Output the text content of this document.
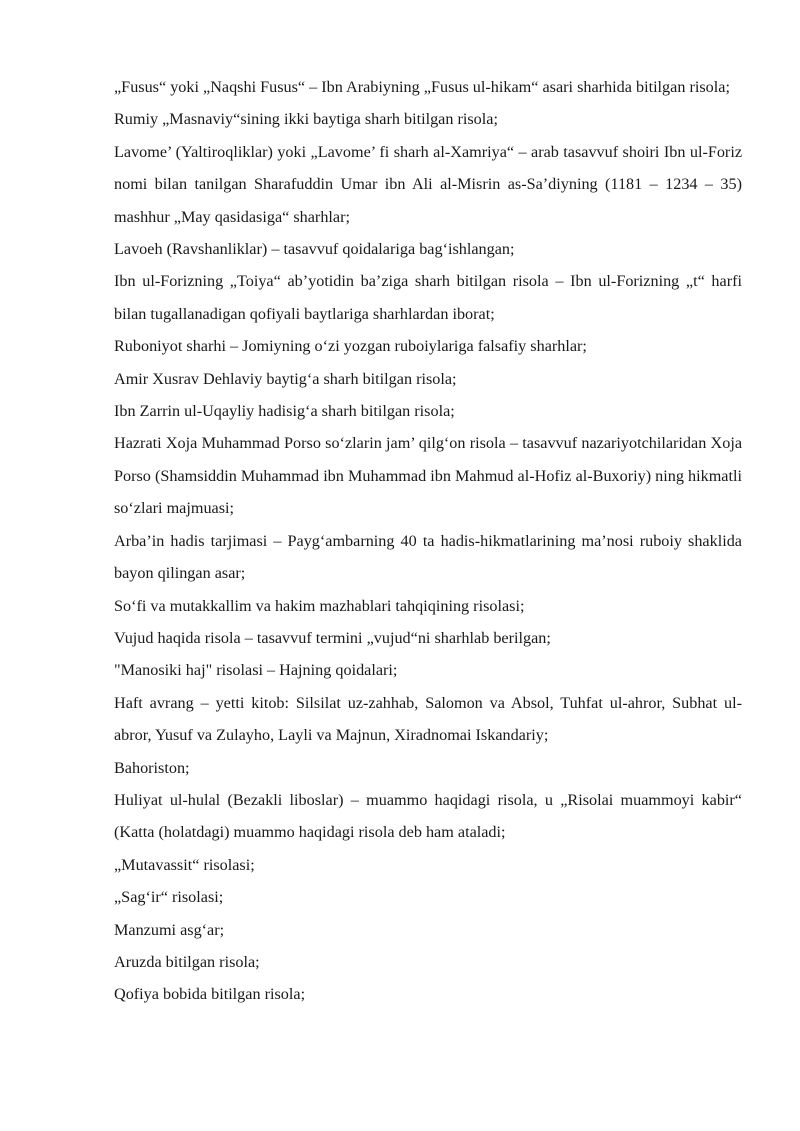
„Fusus“ yoki „Naqshi Fusus“ – Ibn Arabiyning „Fusus ul-hikam“ asari sharhida bitilgan risola;

Rumiy „Masnaviy“sining ikki baytiga sharh bitilgan risola;

Lavome’ (Yaltiroqliklar) yoki „Lavome’ fi sharh al-Xamriya“ – arab tasavvuf shoiri Ibn ul-Foriz nomi bilan tanilgan Sharafuddin Umar ibn Ali al-Misrin as-Sa’diyning (1181 – 1234 – 35) mashhur „May qasidasiga“ sharhlar;

Lavoeh (Ravshanliklar) – tasavvuf qoidalariga bag‘ishlangan;

Ibn ul-Forizning „Toiya“ ab’yotidin ba’ziga sharh bitilgan risola – Ibn ul-Forizning „t“ harfi bilan tugallanadigan qofiyali baytlariga sharhlardan iborat;

Ruboniyot sharhi – Jomiyning o‘zi yozgan ruboiylariga falsafiy sharhlar;

Amir Xusrav Dehlaviy baytig‘a sharh bitilgan risola;

Ibn Zarrin ul-Uqayliy hadisig‘a sharh bitilgan risola;

Hazrati Xoja Muhammad Porso so‘zlarin jam’ qilg‘on risola – tasavvuf nazariyotchilaridan Xoja Porso (Shamsiddin Muhammad ibn Muhammad ibn Mahmud al-Hofiz al-Buxoriy) ning hikmatli so‘zlari majmuasi;

Arba’in hadis tarjimasi – Payg‘ambarning 40 ta hadis-hikmatlarining ma’nosi ruboiy shaklida bayon qilingan asar;

So‘fi va mutakkallim va hakim mazhablari tahqiqining risolasi;

Vujud haqida risola – tasavvuf termini „vujud“ni sharhlab berilgan;

"Manosiki haj" risolasi – Hajning qoidalari;

Haft avrang – yetti kitob: Silsilat uz-zahhab, Salomon va Absol, Tuhfat ul-ahror, Subhat ul-abror, Yusuf va Zulayho, Layli va Majnun, Xiradnomai Iskandariy;

Bahoriston;

Huliyat ul-hulal (Bezakli liboslar) – muammo haqidagi risola, u „Risolai muammoyi kabir“ (Katta (holatdagi) muammo haqidagi risola deb ham ataladi;

„Mutavassit“ risolasi;

„Sag‘ir“ risolasi;

Manzumi asg‘ar;

Aruzda bitilgan risola;

Qofiya bobida bitilgan risola;
